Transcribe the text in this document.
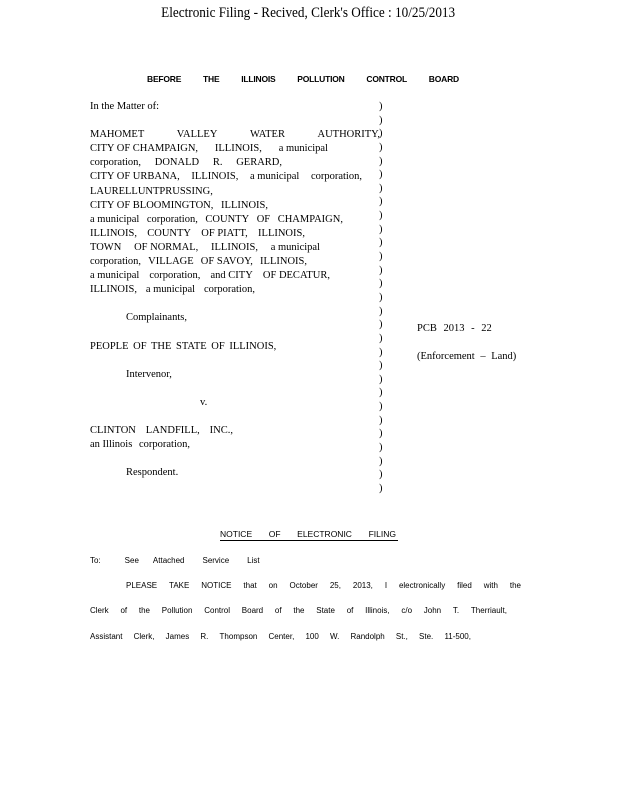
Electronic Filing - Recived, Clerk's Office : 10/25/2013
BEFORE	THE	ILLINOIS	POLLUTION	CONTROL	BOARD
In the Matter of:
MAHOMET	VALLEY	WATER	AUTHORITY,
CITY OF CHAMPAIGN, ILLINOIS, a municipal
corporation, DONALD R. GERARD,
CITY OF URBANA, ILLINOIS, a municipal corporation,
LAUREL LUNT PRUSSING,
CITY OF BLOOMINGTON, ILLINOIS,
a municipal corporation, COUNTY OF CHAMPAIGN,
ILLINOIS, COUNTY OF PIATT, ILLINOIS,
TOWN OF NORMAL, ILLINOIS, a municipal
corporation, VILLAGE OF SAVOY, ILLINOIS,
a municipal corporation, and CITY OF DECATUR,
ILLINOIS, a municipal corporation,
Complainants,
PEOPLE OF THE STATE OF ILLINOIS,
Intervenor,
v.
CLINTON LANDFILL, INC.,
an Illinois corporation,
Respondent.
)
)
)
)
)
)
)
)
)
)
)
)
)
)
)
)
)
)
)
)
)
)
)
)
)
)
)
)
)
PCB 2013 - 22
(Enforcement – Land)
NOTICE OF ELECTRONIC FILING
To:	See Attached Service List
PLEASE TAKE NOTICE that on October 25, 2013, I electronically filed with the
Clerk of the Pollution Control Board of the State of Illinois, c/o John T. Therriault,
Assistant Clerk, James R. Thompson Center, 100 W. Randolph St., Ste. 11-500,
